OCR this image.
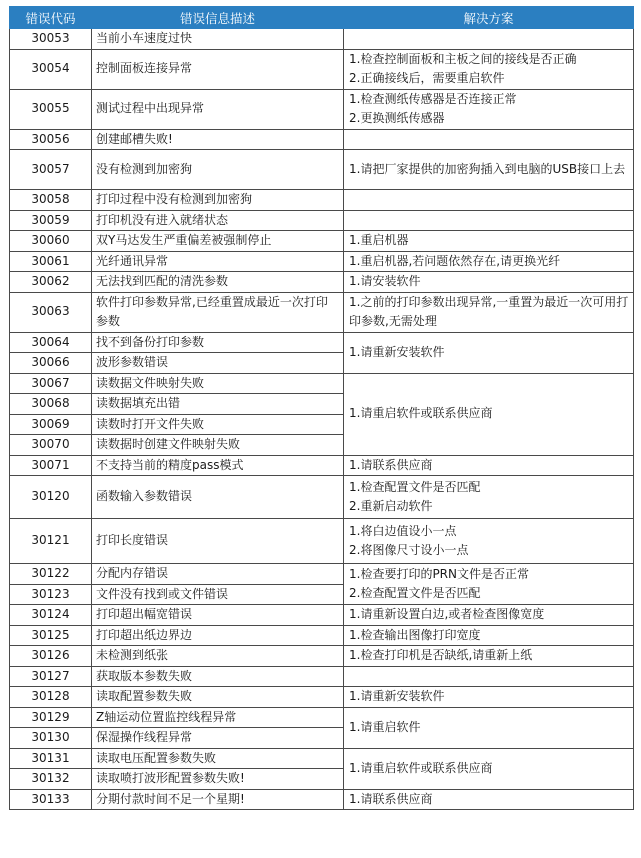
错误代码	错误信息描述	解决方案
30053	当前小车速度过快	
30054	控制面板连接异常	1.检查控制面板和主板之间的接线是否正确
2.正确接线后，需要重启软件

30055	测试过程中出现异常	1.检查测纸传感器是否连接正常
2.更换测纸传感器

30056	创建邮槽失败!	
30057	没有检测到加密狗	1.请把厂家提供的加密狗插入到电脑的USB接口上去
30058	打印过程中没有检测到加密狗	
30059	打印机没有进入就绪状态	
30060	双Y马达发生严重偏差被强制停止	1.重启机器
30061	光纤通讯异常	1.重启机器,若问题依然存在,请更换光纤
30062	无法找到匹配的清洗参数	1.请安装软件
30063	软件打印参数异常,已经重置成最近一次打印参数	1.之前的打印参数出现异常,一重置为最近一次可用打印参数,无需处理
30064	找不到备份打印参数	1.请重新安装软件
30066	波形参数错误	
30067	读数据文件映射失败	1.请重启软件或联系供应商
30068	读数据填充出错	
30069	读数时打开文件失败	
30070	读数据时创建文件映射失败	
30071	不支持当前的精度pass模式	1.请联系供应商
30120	函数输入参数错误	1.检查配置文件是否匹配
2.重新启动软件

30121	打印长度错误	1.将白边值设小一点
2.将图像尺寸设小一点

30122	分配内存错误	1.检查要打印的PRN文件是否正常
2.检查配置文件是否匹配

30123	文件没有找到或文件错误	
30124	打印超出幅宽错误	1.请重新设置白边,或者检查图像宽度
30125	打印超出纸边界边	1.检查输出图像打印宽度
30126	未检测到纸张	1.检查打印机是否缺纸,请重新上纸
30127	获取版本参数失败	
30128	读取配置参数失败	1.请重新安装软件
30129	Z轴运动位置监控线程异常	1.请重启软件
30130	保湿操作线程异常	
30131	读取电压配置参数失败	1.请重启软件或联系供应商
30132	读取喷打波形配置参数失败!	
30133	分期付款时间不足一个星期!	1.请联系供应商
